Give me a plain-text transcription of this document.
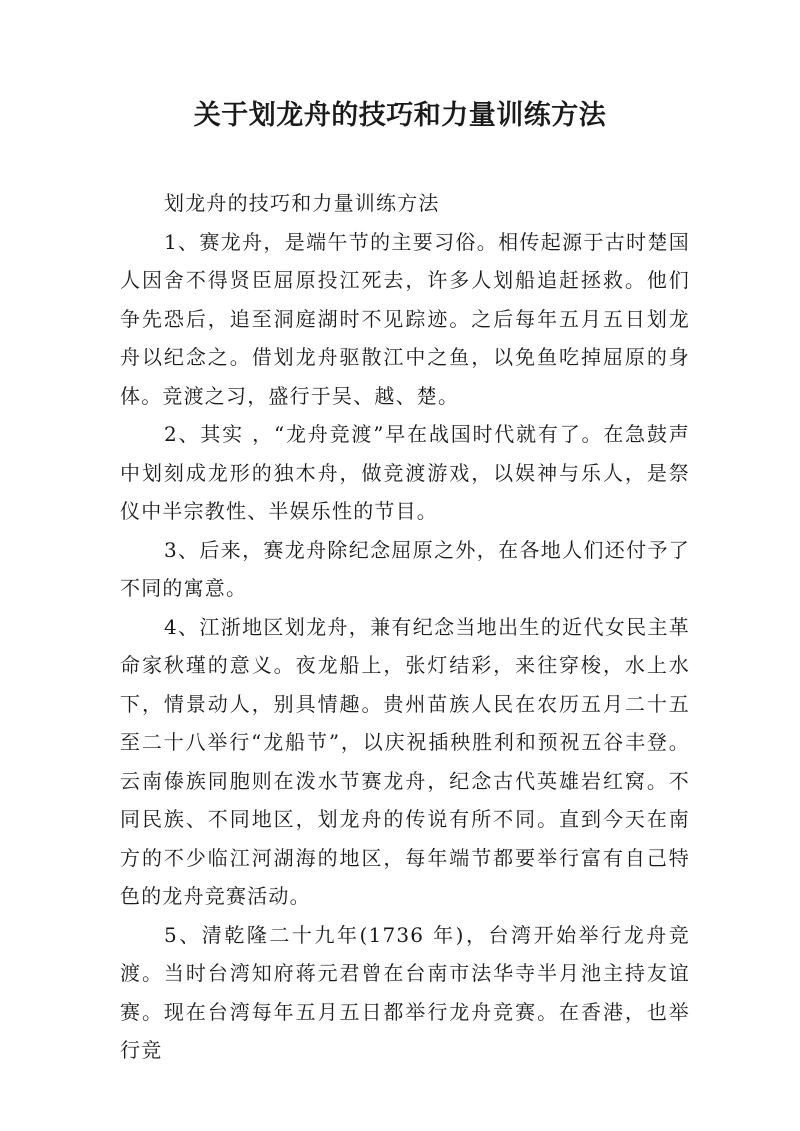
关于划龙舟的技巧和力量训练方法

划龙舟的技巧和力量训练方法

1、赛龙舟，是端午节的主要习俗。相传起源于古时楚国人因舍不得贤臣屈原投江死去，许多人划船追赶拯救。他们争先恐后，追至洞庭湖时不见踪迹。之后每年五月五日划龙舟以纪念之。借划龙舟驱散江中之鱼，以免鱼吃掉屈原的身体。竞渡之习，盛行于吴、越、楚。

2、其实 ，“龙舟竞渡”早在战国时代就有了。在急鼓声中划刻成龙形的独木舟，做竞渡游戏，以娱神与乐人，是祭仪中半宗教性、半娱乐性的节目。

3、后来，赛龙舟除纪念屈原之外，在各地人们还付予了不同的寓意。

4、江浙地区划龙舟，兼有纪念当地出生的近代女民主革命家秋瑾的意义。夜龙船上，张灯结彩，来往穿梭，水上水下，情景动人，别具情趣。贵州苗族人民在农历五月二十五至二十八举行“龙船节”，以庆祝插秧胜利和预祝五谷丰登。云南傣族同胞则在泼水节赛龙舟，纪念古代英雄岩红窝。不同民族、不同地区，划龙舟的传说有所不同。直到今天在南方的不少临江河湖海的地区，每年端节都要举行富有自己特色的龙舟竞赛活动。

5、清乾隆二十九年(1736 年)，台湾开始举行龙舟竞渡。当时台湾知府蒋元君曾在台南市法华寺半月池主持友谊赛。现在台湾每年五月五日都举行龙舟竞赛。在香港，也举行竞
